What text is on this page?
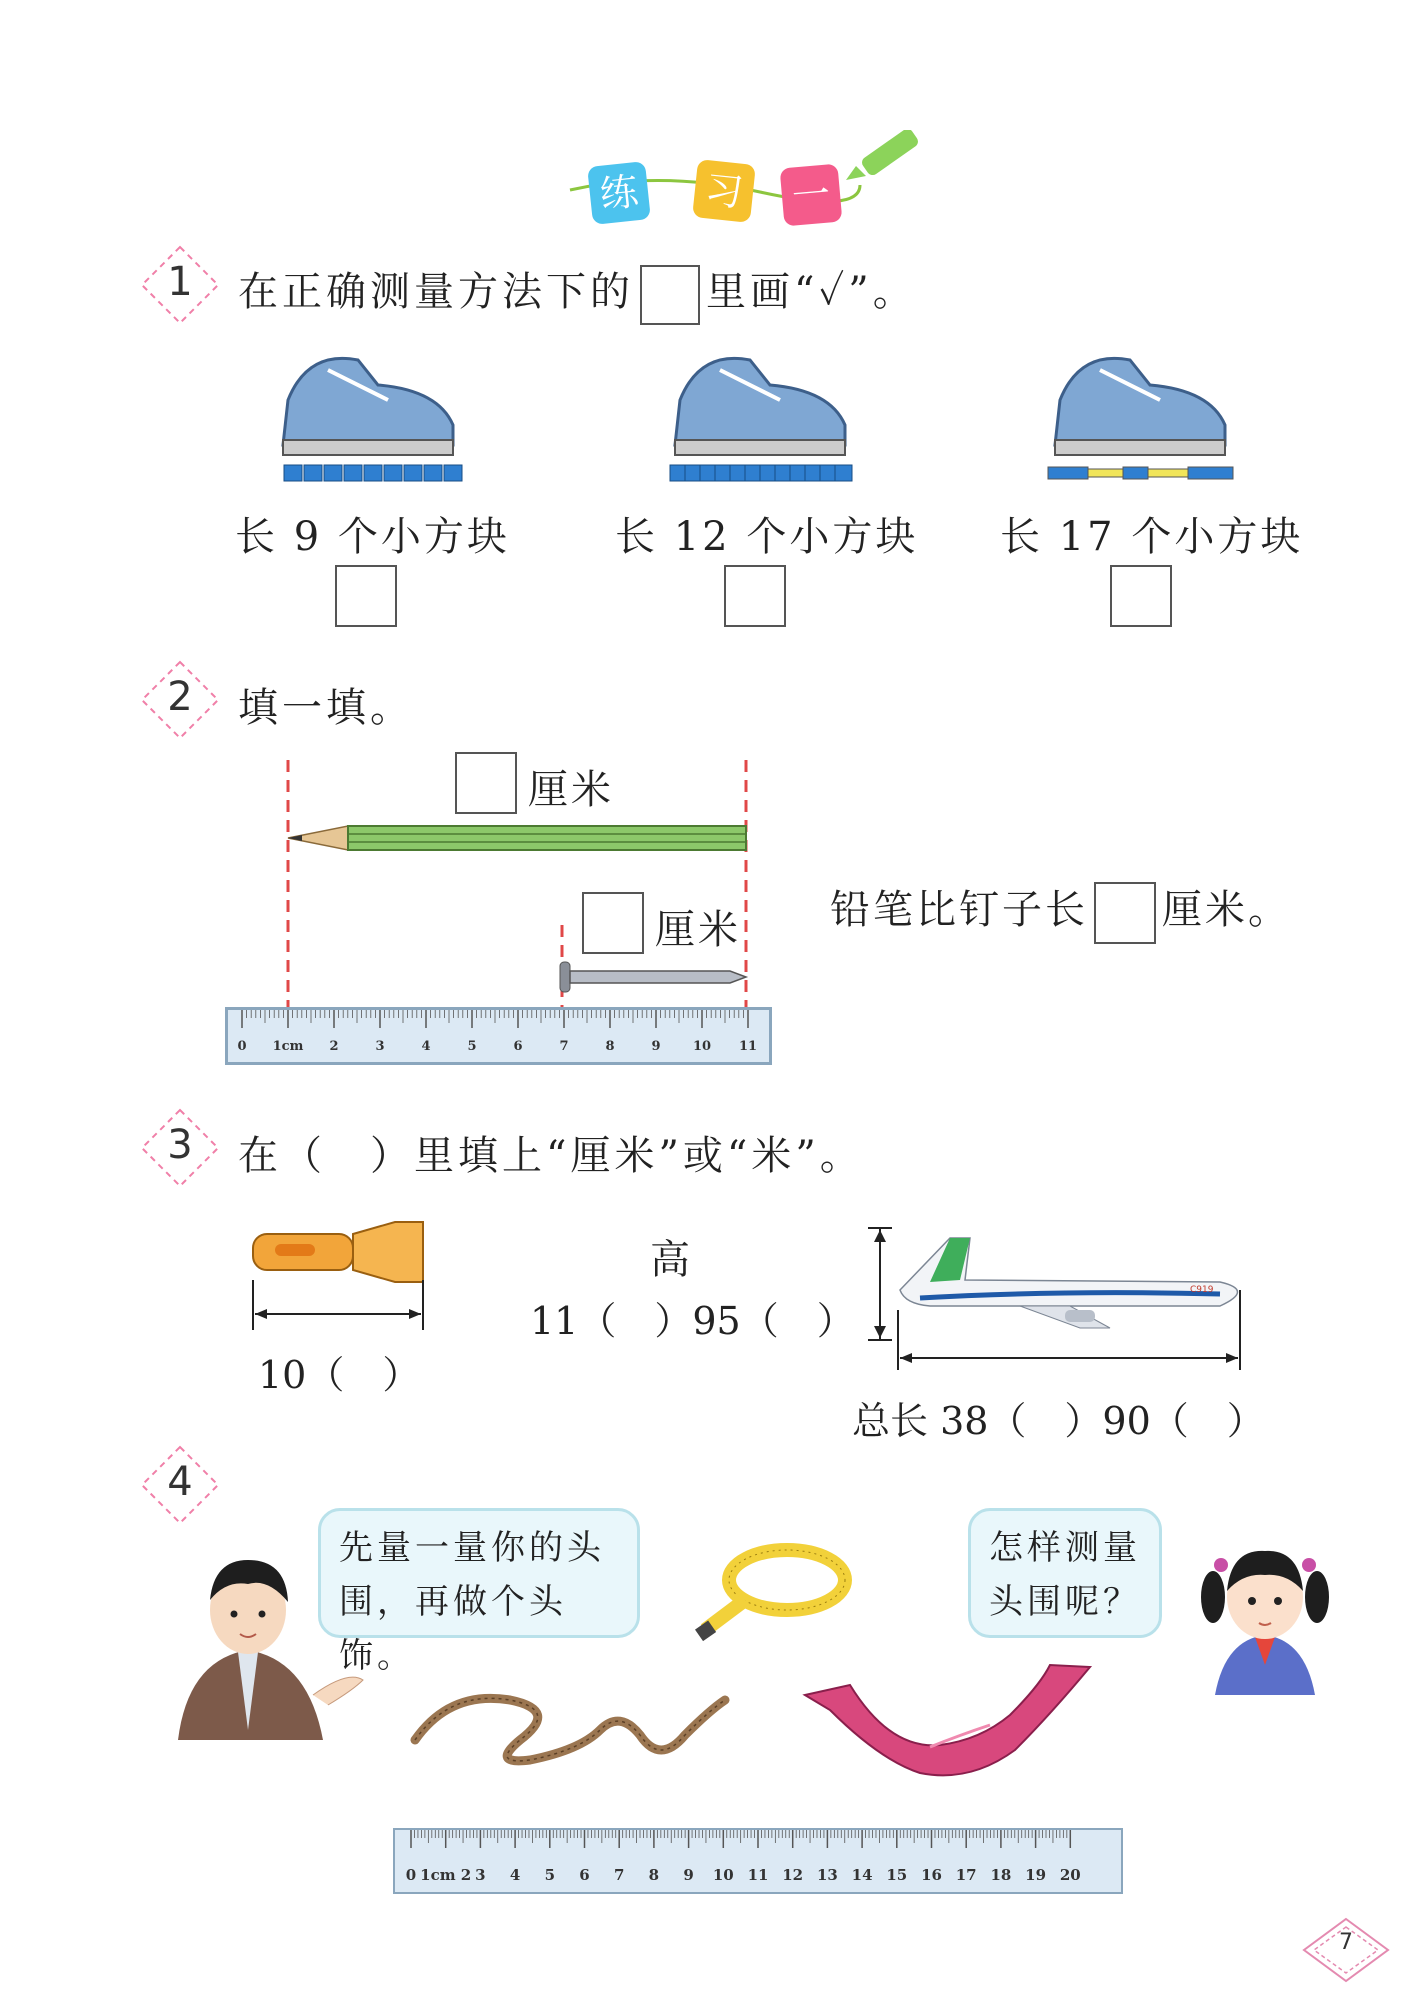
练 习 一
1	在正确测量方法下的 里画“✓”。
长 9 个小方块	长 12 个小方块 长 17 个小方块
2	填一填。
厘米
厘米
0 1cm 2	3	4	5	6	7	8	9 10 11
铅笔比钉子长 厘米。
3	在（　）里填上“厘米”或“米”。
10（　）
高
11（　）95（　）
C919
总长 38（　）90（　）
4
先量一量你的头
围，再做个头饰。
怎样测量
头围呢？
0 1cm 2 3 4 5 6 7 8 9 10 11 12 13 14 15 16 17 18 19 20
7
